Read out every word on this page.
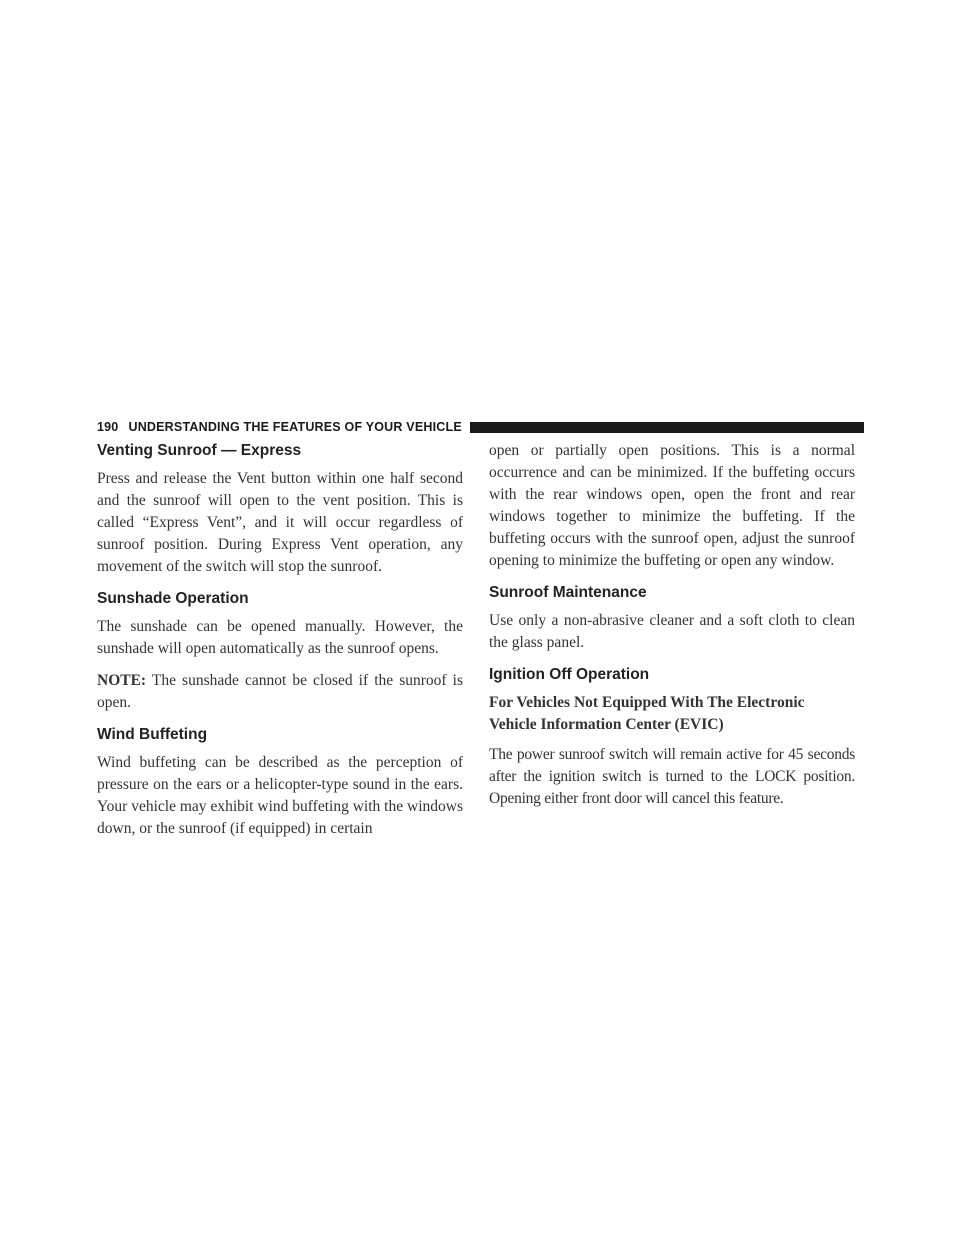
190 UNDERSTANDING THE FEATURES OF YOUR VEHICLE
Venting Sunroof — Express

Press and release the Vent button within one half second and the sunroof will open to the vent position. This is called “Express Vent”, and it will occur regardless of sunroof position. During Express Vent operation, any movement of the switch will stop the sunroof.

Sunshade Operation

The sunshade can be opened manually. However, the sunshade will open automatically as the sunroof opens.

NOTE: The sunshade cannot be closed if the sunroof is open.

Wind Buffeting

Wind buffeting can be described as the perception of pressure on the ears or a helicopter-type sound in the ears. Your vehicle may exhibit wind buffeting with the windows down, or the sunroof (if equipped) in certain

open or partially open positions. This is a normal occurrence and can be minimized. If the buffeting occurs with the rear windows open, open the front and rear windows together to minimize the buffeting. If the buffeting occurs with the sunroof open, adjust the sunroof opening to minimize the buffeting or open any window.

Sunroof Maintenance

Use only a non-abrasive cleaner and a soft cloth to clean the glass panel.

Ignition Off Operation
For Vehicles Not Equipped With The Electronic Vehicle Information Center (EVIC)

The power sunroof switch will remain active for 45 seconds after the ignition switch is turned to the LOCK position. Opening either front door will cancel this feature.
